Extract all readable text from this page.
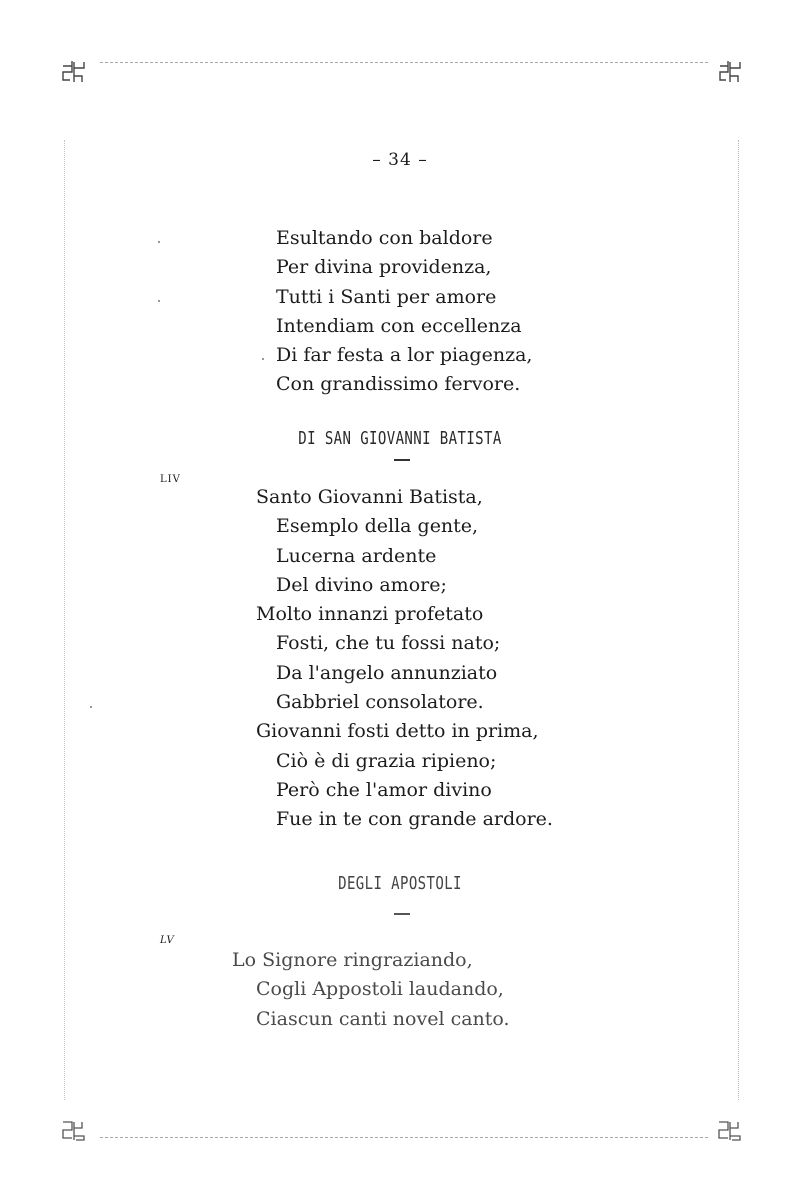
– 34 –
Esultando con baldore
Per divina providenza,
Tutti i Santi per amore
Intendiam con eccellenza
Di far festa a lor piagenza,
Con grandissimo fervore.
DI SAN GIOVANNI BATISTA
LIV
Santo Giovanni Batista,
Esemplo della gente,
Lucerna ardente
Del divino amore;
Molto innanzi profetato
Fosti, che tu fossi nato;
Da l'angelo annunziato
Gabbriel consolatore.
Giovanni fosti detto in prima,
Ciò è di grazia ripieno;
Però che l'amor divino
Fue in te con grande ardore.
DEGLI APOSTOLI
LV
Lo Signore ringraziando,
Cogli Appostoli laudando,
Ciascun canti novel canto.
